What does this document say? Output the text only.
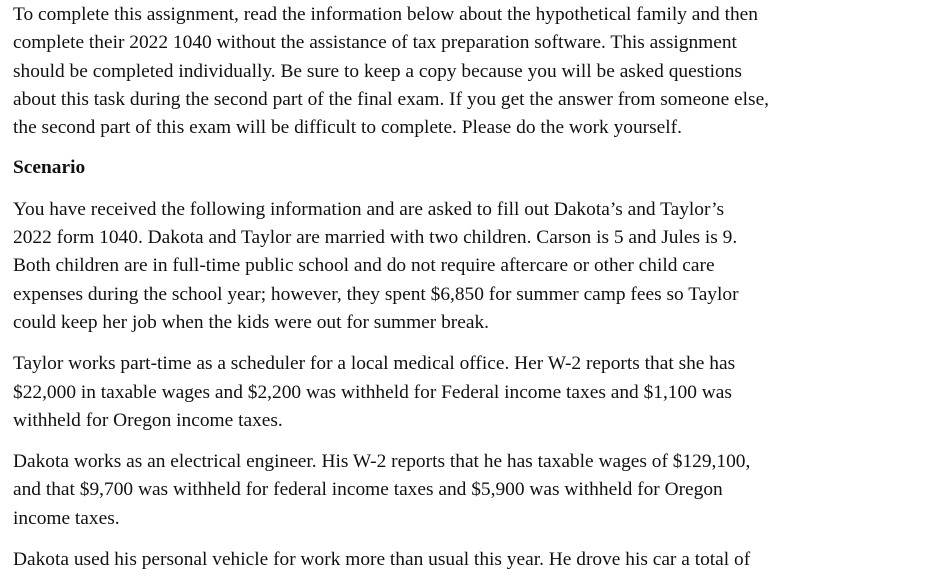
To complete this assignment, read the information below about the hypothetical family and then
complete their 2022 1040 without the assistance of tax preparation software. This assignment
should be completed individually. Be sure to keep a copy because you will be asked questions
about this task during the second part of the final exam. If you get the answer from someone else,
the second part of this exam will be difficult to complete. Please do the work yourself.

Scenario

You have received the following information and are asked to fill out Dakota’s and Taylor’s
2022 form 1040. Dakota and Taylor are married with two children. Carson is 5 and Jules is 9.
Both children are in full-time public school and do not require aftercare or other child care
expenses during the school year; however, they spent $6,850 for summer camp fees so Taylor
could keep her job when the kids were out for summer break.

Taylor works part-time as a scheduler for a local medical office. Her W-2 reports that she has
$22,000 in taxable wages and $2,200 was withheld for Federal income taxes and $1,100 was
withheld for Oregon income taxes.

Dakota works as an electrical engineer. His W-2 reports that he has taxable wages of $129,100,
and that $9,700 was withheld for federal income taxes and $5,900 was withheld for Oregon
income taxes.

Dakota used his personal vehicle for work more than usual this year. He drove his car a total of
